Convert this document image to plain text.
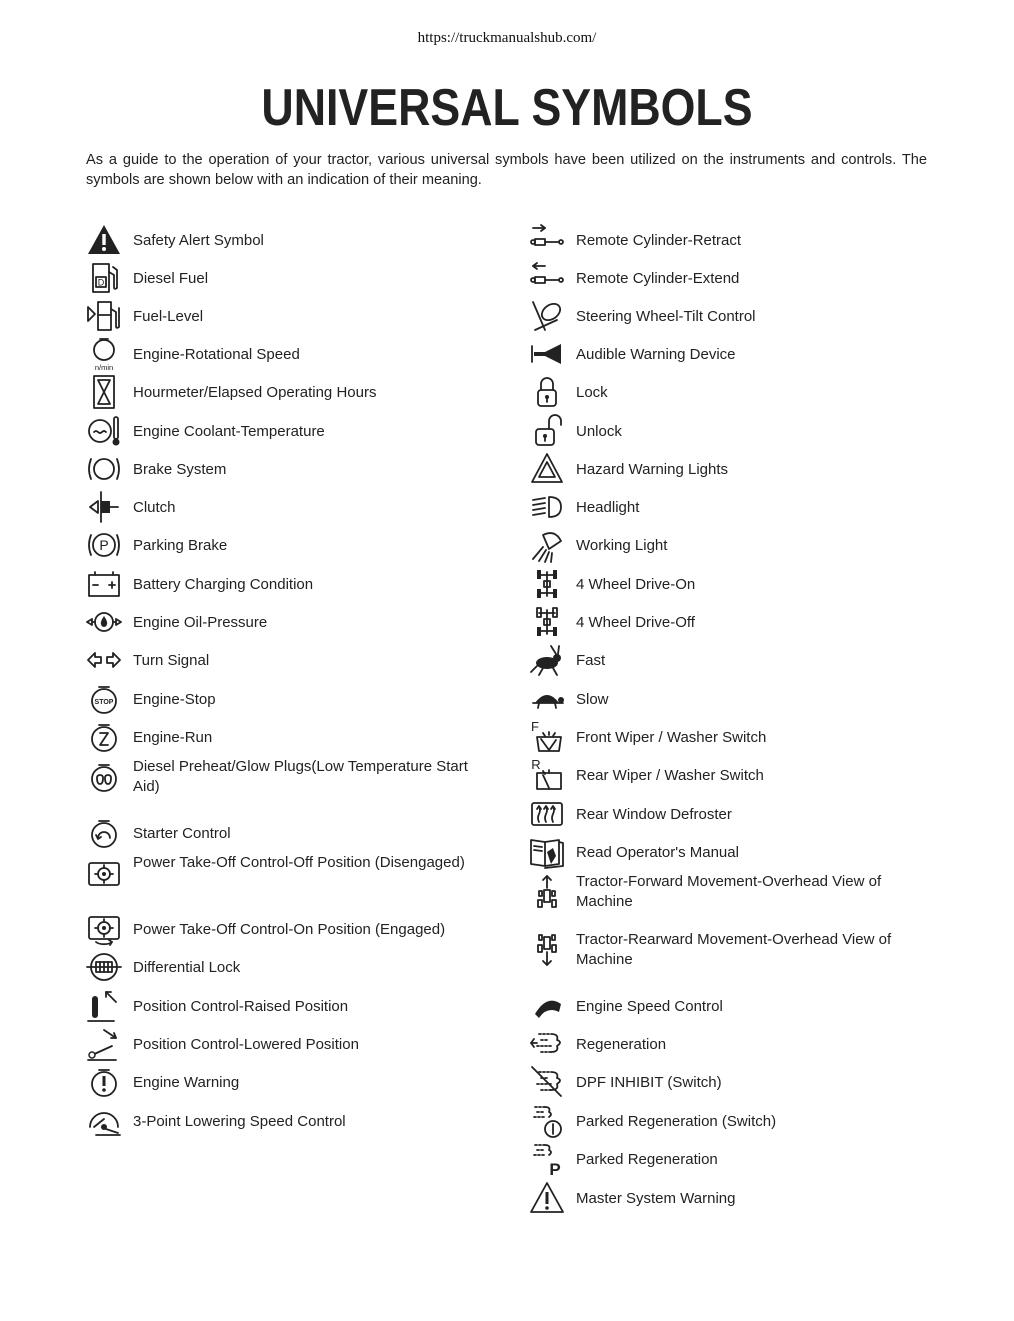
https://truckmanualshub.com/
UNIVERSAL SYMBOLS
As a guide to the operation of your tractor, various universal symbols have been utilized on the instruments and controls. The symbols are shown below with an indication of their meaning.
Safety Alert Symbol
D Diesel Fuel
Fuel-Level
n/min
Engine-Rotational Speed
Hourmeter/Elapsed Operating Hours
Engine Coolant-Temperature
Brake System
Clutch
P Parking Brake
Battery Charging Condition
Engine Oil-Pressure
Turn Signal
STOP Engine-Stop
Engine-Run
Diesel Preheat/Glow Plugs(Low Temperature Start Aid)
Starter Control
Power Take-Off Control-Off Position (Disengaged)
Power Take-Off Control-On Position (Engaged)
Differential Lock
Position Control-Raised Position
Position Control-Lowered Position
Engine Warning
3-Point Lowering Speed Control
Remote Cylinder-Retract
Remote Cylinder-Extend
Steering Wheel-Tilt Control
Audible Warning Device
Lock
Unlock
Hazard Warning Lights
Headlight
Working Light
4 Wheel Drive-On
4 Wheel Drive-Off
Fast
Slow
F
Front Wiper / Washer Switch
R
Rear Wiper / Washer Switch
Rear Window Defroster
Read Operator's Manual
Tractor-Forward Movement-Overhead View of Machine
Tractor-Rearward Movement-Overhead View of Machine
Engine Speed Control
Regeneration
DPF INHIBIT (Switch)
Parked Regeneration (Switch)
P
Parked Regeneration
Master System Warning
